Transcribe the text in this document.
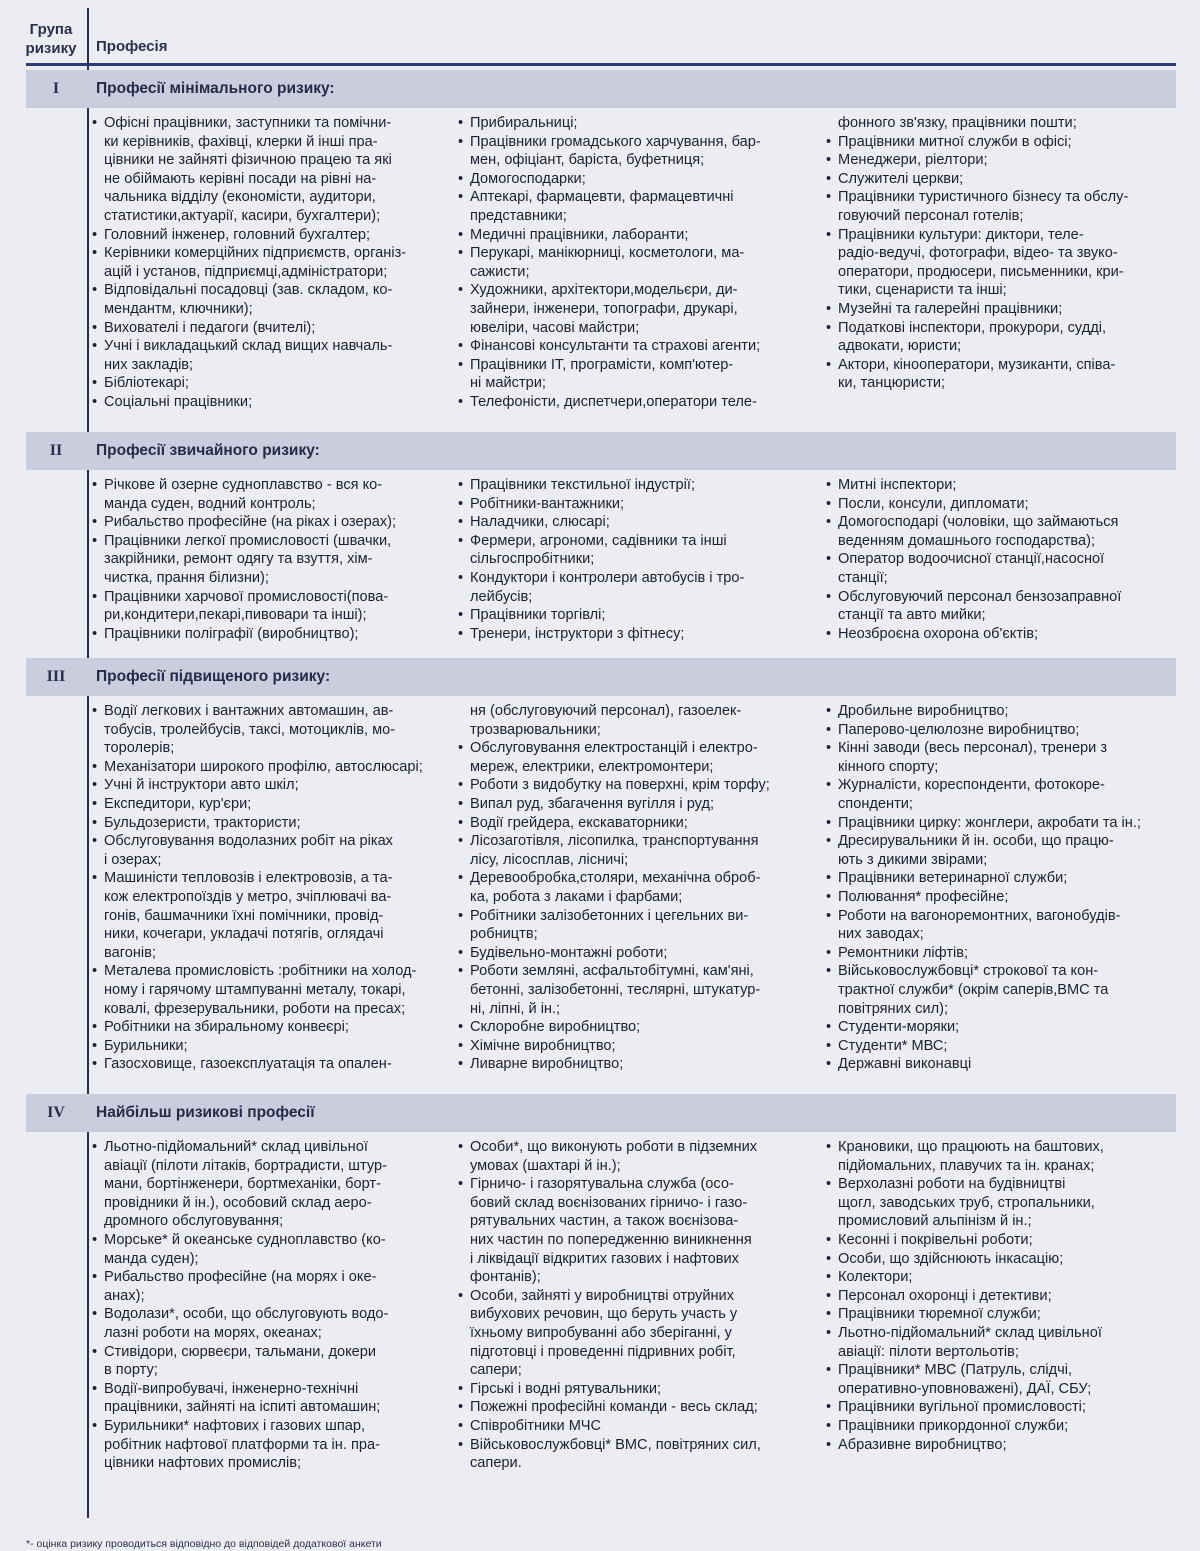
Група ризику	Професія
I	Професії мінімального ризику:
• Офісні працівники, заступники та помічни-
ки керівників, фахівці, клерки й інші пра-
цівники не зайняті фізичною працею та які
не обіймають керівні посади на рівні на-
чальника відділу (економісти, аудитори,
статистики,актуарії, касири, бухгалтери);
• Головний інженер, головний бухгалтер;
• Керівники комерційних підприємств, організ-
ацій і установ, підприємці,адміністратори;
• Відповідальні посадовці (зав. складом, ко-
мендантм, ключники);
• Вихователі і педагоги (вчителі);
• Учні і викладацький склад вищих навчаль-
них закладів;
• Бібліотекарі;
• Соціальні працівники;
• Прибиральниці;
• Працівники громадського харчування, бар-
мен, офіціант, баріста, буфетниця;
• Домогосподарки;
• Аптекарі, фармацевти, фармацевтичні
представники;
• Медичні працівники, лаборанти;
• Перукарі, манікюрниці, косметологи, ма-
сажисти;
• Художники, архітектори,модельєри, ди-
зайнери, інженери, топографи, друкарі,
ювеліри, часові майстри;
• Фінансові консультанти та страхові агенти;
• Працівники ІТ, програмісти, комп'ютер-
ні майстри;
• Телефоністи, диспетчери,оператори теле-
фонного зв'язку, працівники пошти;
• Працівники митної служби в офісі;
• Менеджери, ріелтори;
• Служителі церкви;
• Працівники туристичного бізнесу та обслу-
говуючий персонал готелів;
• Працівники культури: диктори, теле-
радіо-ведучі, фотографи, відео- та звуко-
оператори, продюсери, письменники, кри-
тики, сценаристи та інші;
• Музейні та галерейні працівники;
• Податкові інспектори, прокурори, судді,
адвокати, юристи;
• Актори, кінооператори, музиканти, співа-
ки, танцюристи;
II	Професії звичайного ризику:
• Річкове й озерне судноплавство - вся ко-
манда суден, водний контроль;
• Рибальство професійне (на ріках і озерах);
• Працівники легкої промисловості (швачки,
закрійники, ремонт одягу та взуття, хім-
чистка, прання білизни);
• Працівники харчової промисловості(пова-
ри,кондитери,пекарі,пивовари та інші);
• Працівники поліграфії (виробництво);
• Працівники текстильної індустрії;
• Робітники-вантажники;
• Наладчики, слюсарі;
• Фермери, агрономи, садівники та інші
сільгоспробітники;
• Кондуктори і контролери автобусів і тро-
лейбусів;
• Працівники торгівлі;
• Тренери, інструктори з фітнесу;
• Митні інспектори;
• Посли, консули, дипломати;
• Домогосподарі (чоловіки, що займаються
веденням домашнього господарства);
• Оператор водоочисної станції,насосної
станції;
• Обслуговуючий персонал бензозаправної
станції та авто мийки;
• Неозброєна охорона об'єктів;
III	Професії підвищеного ризику:
• Водії легкових і вантажних автомашин, ав-
тобусів, тролейбусів, таксі, мотоциклів, мо-
торолерів;
• Механізатори широкого профілю, автослюсарі;
• Учні й інструктори авто шкіл;
• Експедитори, кур'єри;
• Бульдозеристи, трактористи;
• Обслуговування водолазних робіт на ріках
і озерах;
• Машиністи тепловозів і електровозів, а та-
кож електропоїздів у метро, зчіплювачі ва-
гонів, башмачники їхні помічники, провід-
ники, кочегари, укладачі потягів, оглядачі
вагонів;
• Металева промисловість :робітники на холод-
ному і гарячому штампуванні металу, токарі,
ковалі, фрезерувальники, роботи на пресах;
• Робітники на збиральному конвеєрі;
• Бурильники;
• Газосховище, газоексплуатація та опален-
ня (обслуговуючий персонал), газоелек-
трозварювальники;
• Обслуговування електростанцій і електро-
мереж, електрики, електромонтери;
• Роботи з видобутку на поверхні, крім торфу;
• Випал руд, збагачення вугілля і руд;
• Водії грейдера, екскаваторники;
• Лісозаготівля, лісопилка, транспортування
лісу, лісосплав, лісничі;
• Деревообробка,столяри, механічна оброб-
ка, робота з лаками і фарбами;
• Робітники залізобетонних і цегельних ви-
робництв;
• Будівельно-монтажні роботи;
• Роботи земляні, асфальтобітумні, кам'яні,
бетонні, залізобетонні, теслярні, штукатур-
ні, ліпні, й ін.;
• Склоробне виробництво;
• Хімічне виробництво;
• Ливарне виробництво;
• Дробильне виробництво;
• Паперово-целюлозне виробництво;
• Кінні заводи (весь персонал), тренери з
кінного спорту;
• Журналісти, кореспонденти, фотокоре-
спонденти;
• Працівники цирку: жонглери, акробати та ін.;
• Дресирувальники й ін. особи, що працю-
ють з дикими звірами;
• Працівники ветеринарної служби;
• Полювання* професійне;
• Роботи на вагоноремонтних, вагонобудів-
них заводах;
• Ремонтники ліфтів;
• Військовослужбовці* строкової та кон-
трактної служби* (окрім саперів,ВМС та
повітряних сил);
• Студенти-моряки;
• Студенти* МВС;
• Державні виконавці
IV	Найбільш ризикові професії
• Льотно-підйомальний* склад цивільної
авіації (пілоти літаків, бортрадисти, штур-
мани, бортінженери, бортмеханіки, борт-
провідники й ін.), особовий склад аеро-
дромного обслуговування;
• Морське* й океанське судноплавство (ко-
манда суден);
• Рибальство професійне (на морях і оке-
анах);
• Водолази*, особи, що обслуговують водо-
лазні роботи на морях, океанах;
• Стивідори, сюрвеєри, тальмани, докери
в порту;
• Водії-випробувачі, інженерно-технічні
працівники, зайняті на іспиті автомашин;
• Бурильники* нафтових і газових шпар,
робітник нафтової платформи та ін. пра-
цівники нафтових промислів;
• Особи*, що виконують роботи в підземних
умовах (шахтарі й ін.);
• Гірничо- і газорятувальна служба (осо-
бовий склад воєнізованих гірничо- і газо-
рятувальних частин, а також воєнізова-
них частин по попередженню виникнення
і ліквідації відкритих газових і нафтових
фонтанів);
• Особи, зайняті у виробництві отруйних
вибухових речовин, що беруть участь у
їхньому випробуванні або зберіганні, у
підготовці і проведенні підривних робіт,
сапери;
• Гірські і водні рятувальники;
• Пожежні професійні команди - весь склад;
• Співробітники МЧС
• Військовослужбовці* ВМС, повітряних сил,
сапери.
• Крановики, що працюють на баштових,
підйомальних, плавучих та ін. кранах;
• Верхолазні роботи на будівництві
щогл, заводських труб, стропальники,
промисловий альпінізм й ін.;
• Кесонні і покрівельні роботи;
• Особи, що здійснюють інкасацію;
• Колектори;
• Персонал охоронці і детективи;
• Працівники тюремної служби;
• Льотно-підйомальний* склад цивільної
авіації: пілоти вертольотів;
• Працівники* МВС (Патруль, слідчі,
оперативно-уповноважені), ДАЇ, СБУ;
• Працівники вугільної промисловості;
• Працівники прикордонної служби;
• Абразивне виробництво;
*- оцінка ризику проводиться відповідно до відповідей додаткової анкети
